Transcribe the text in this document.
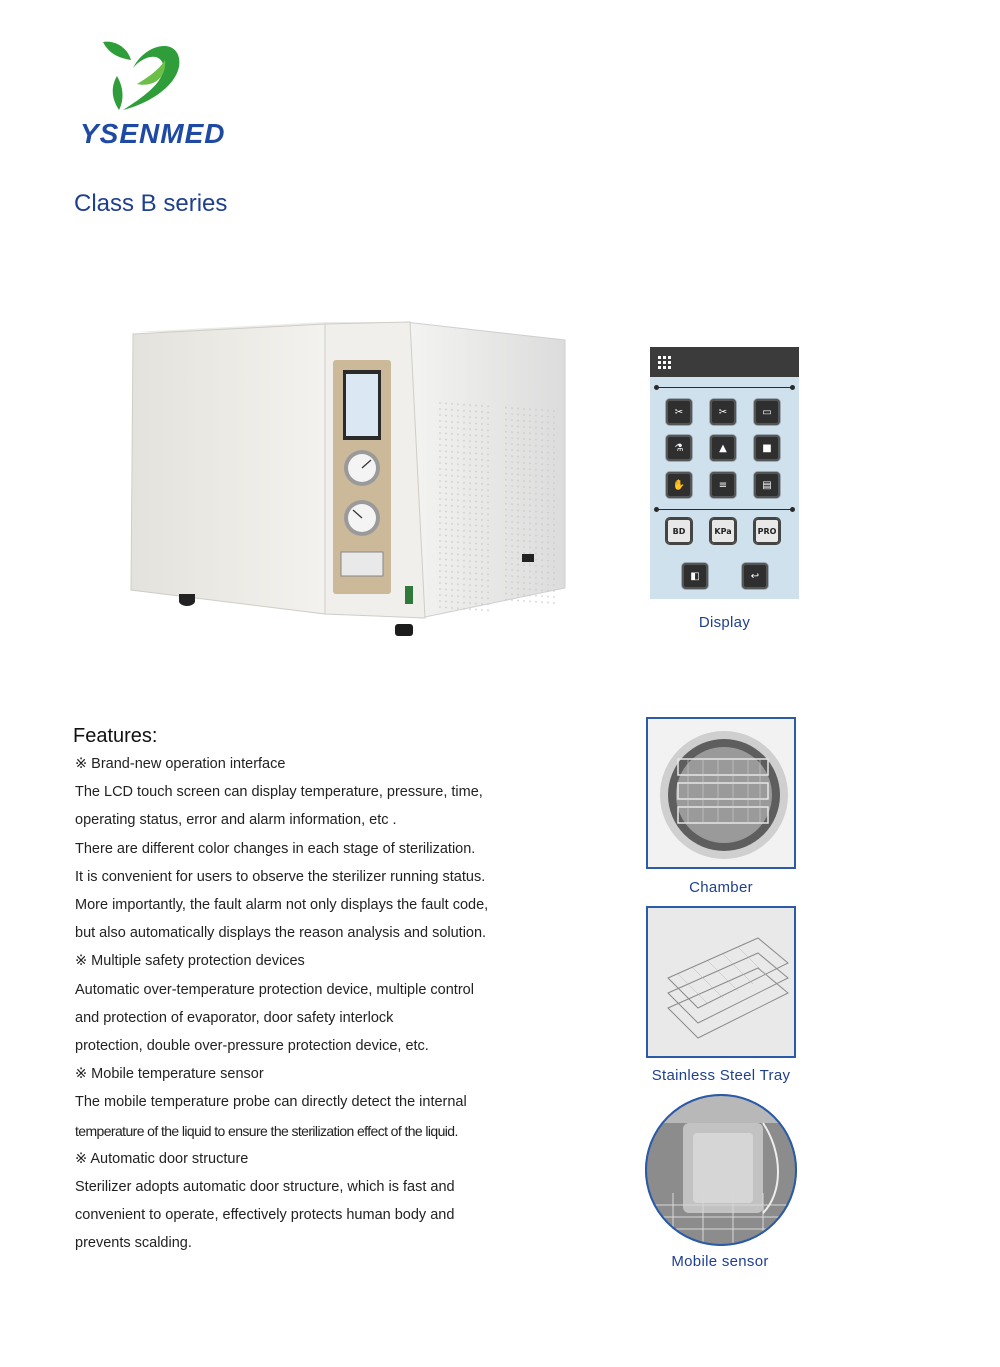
YSENMED
Class B series
✂	✂	▭
⚗	▲	■
✋	≡	▤
BD	KPa	PRO
◧	↩
Display
Features:

※ Brand-new operation interface

The LCD touch screen can display temperature, pressure, time,

operating status, error and alarm information, etc .

There are different color changes in each stage of sterilization.

It is convenient for users to observe the sterilizer running status.

More importantly, the fault alarm not only displays the fault code,

but also automatically displays the reason analysis and solution.

※ Multiple safety protection devices

Automatic over-temperature protection device, multiple control

and protection of evaporator, door safety interlock

protection, double over-pressure protection device, etc.

※ Mobile temperature sensor

The mobile temperature probe can directly detect the internal

temperature of the liquid to ensure the sterilization effect of the liquid.

※ Automatic door structure

Sterilizer adopts automatic door structure, which is fast and

convenient to operate, effectively protects human body and

prevents scalding.

Chamber
Stainless Steel Tray
Mobile sensor
